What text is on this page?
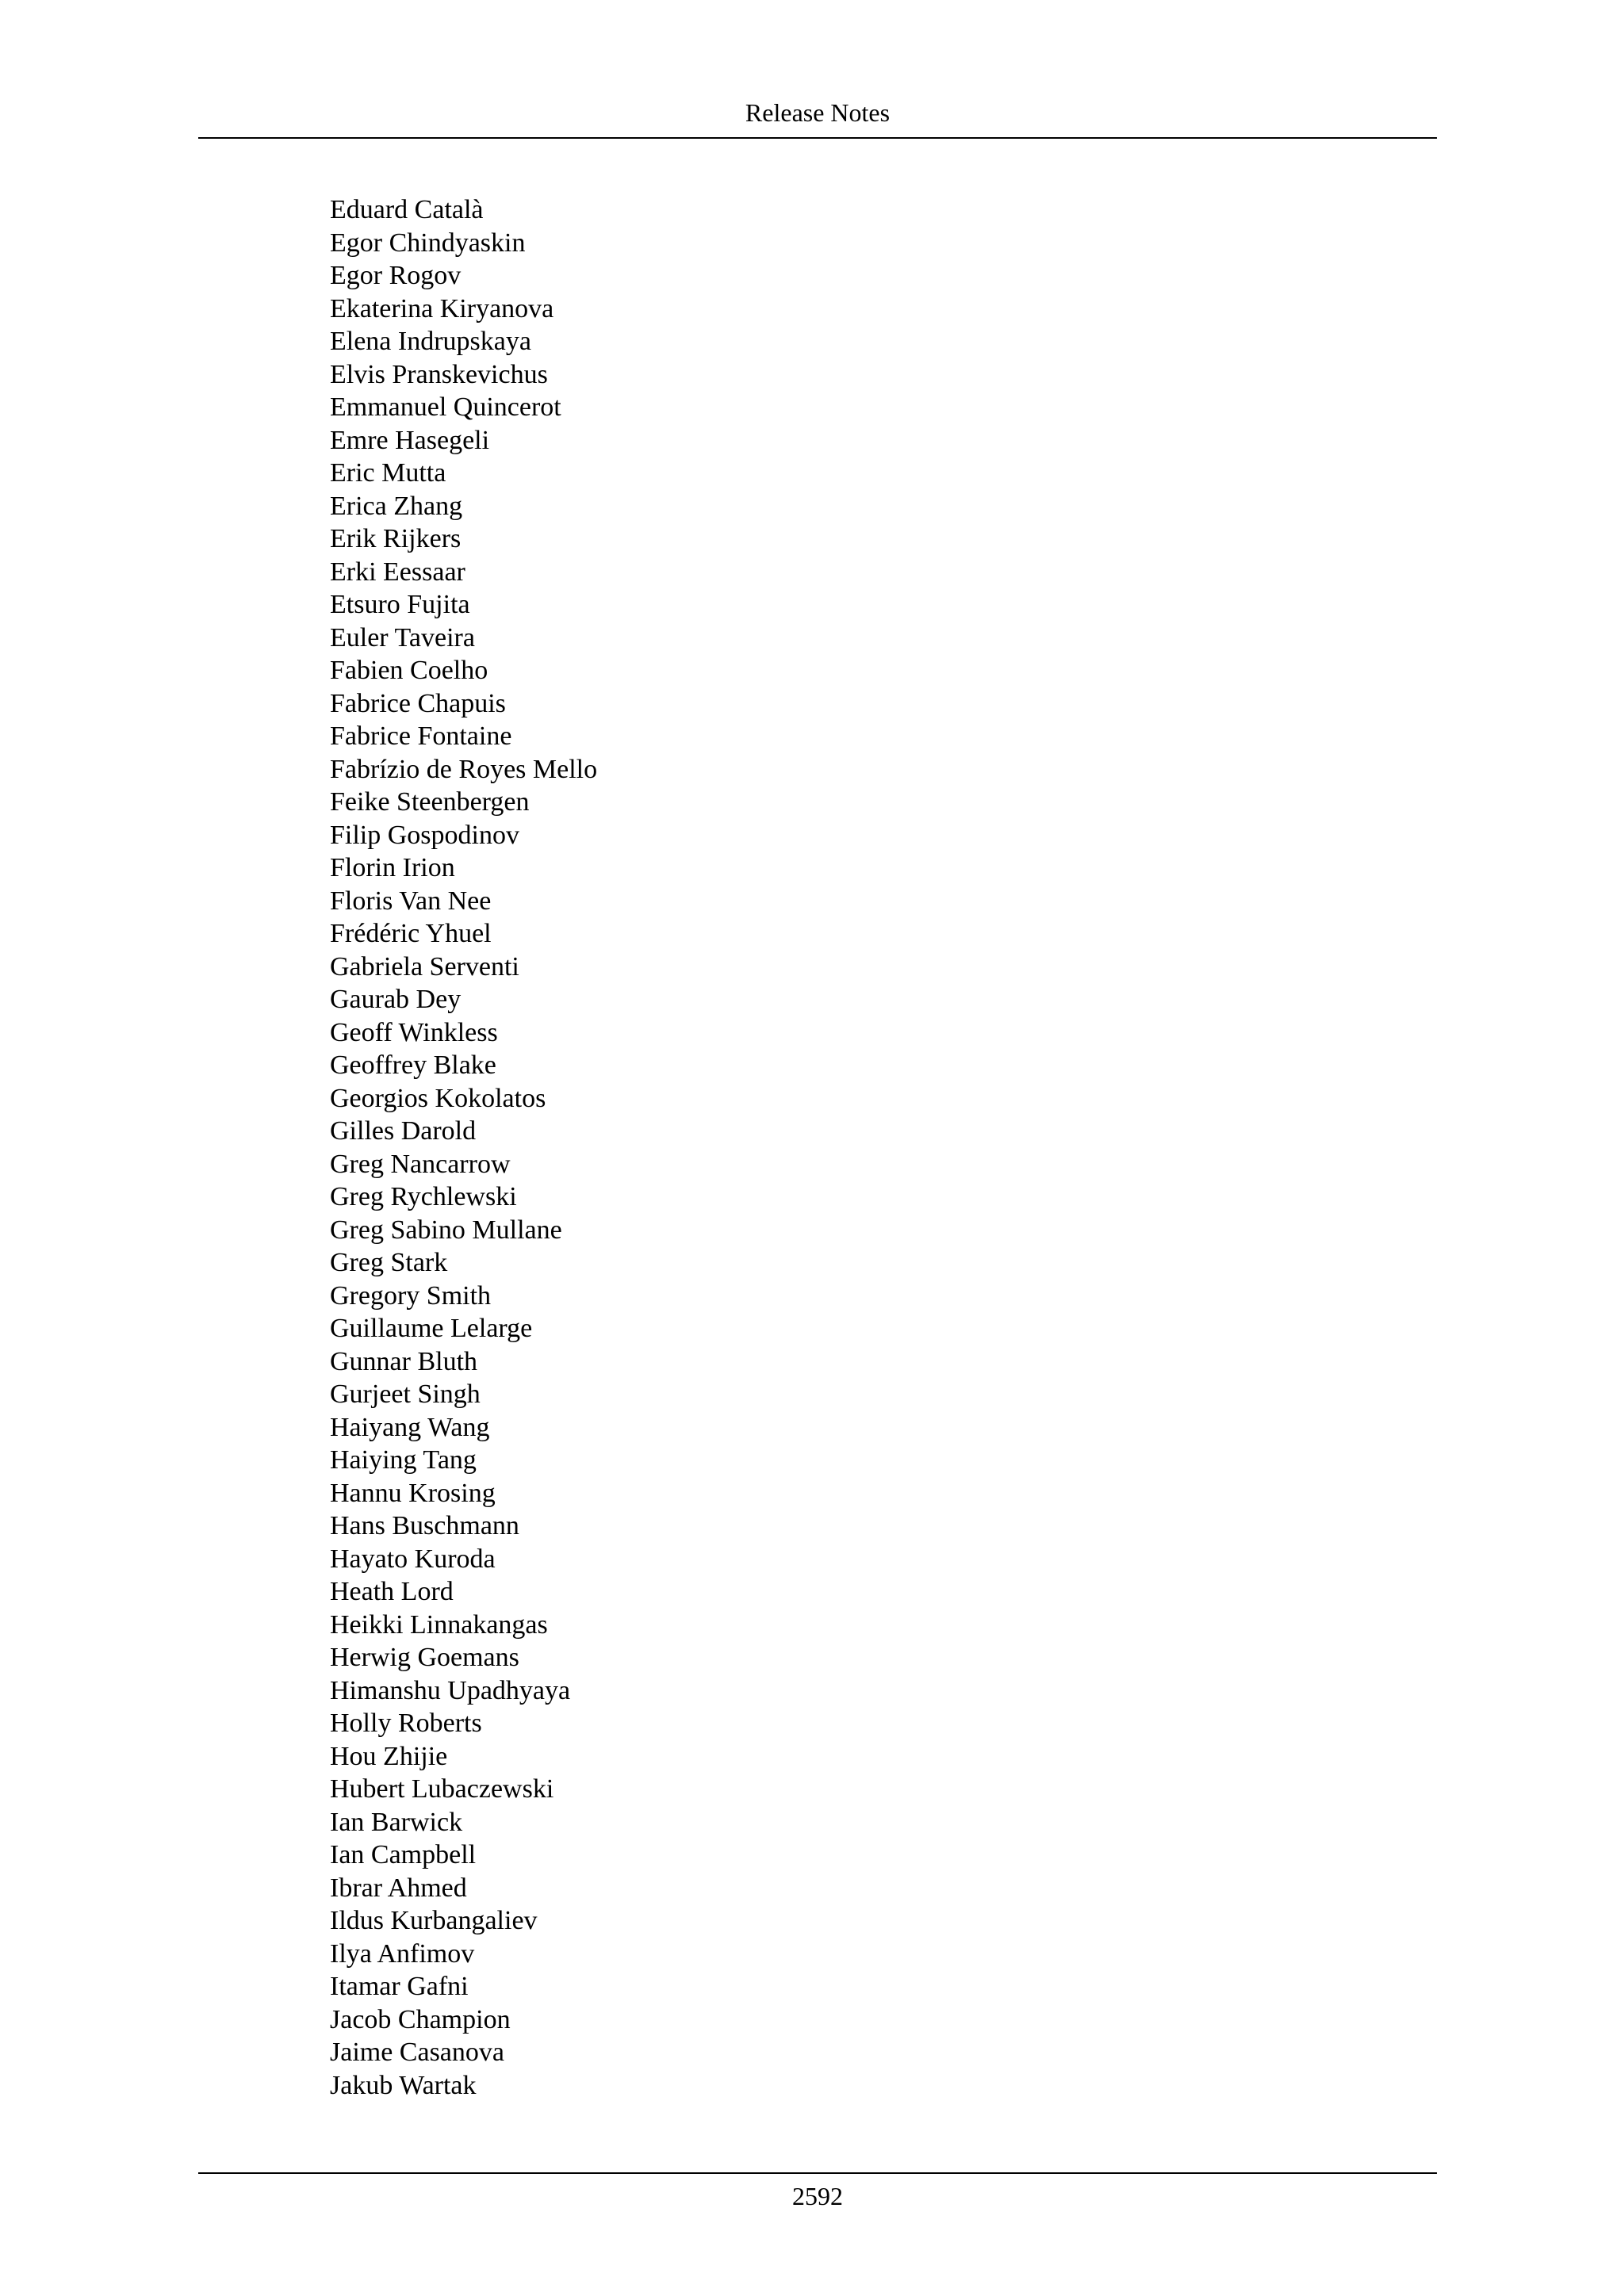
Release Notes
Eduard Català
Egor Chindyaskin
Egor Rogov
Ekaterina Kiryanova
Elena Indrupskaya
Elvis Pranskevichus
Emmanuel Quincerot
Emre Hasegeli
Eric Mutta
Erica Zhang
Erik Rijkers
Erki Eessaar
Etsuro Fujita
Euler Taveira
Fabien Coelho
Fabrice Chapuis
Fabrice Fontaine
Fabrízio de Royes Mello
Feike Steenbergen
Filip Gospodinov
Florin Irion
Floris Van Nee
Frédéric Yhuel
Gabriela Serventi
Gaurab Dey
Geoff Winkless
Geoffrey Blake
Georgios Kokolatos
Gilles Darold
Greg Nancarrow
Greg Rychlewski
Greg Sabino Mullane
Greg Stark
Gregory Smith
Guillaume Lelarge
Gunnar Bluth
Gurjeet Singh
Haiyang Wang
Haiying Tang
Hannu Krosing
Hans Buschmann
Hayato Kuroda
Heath Lord
Heikki Linnakangas
Herwig Goemans
Himanshu Upadhyaya
Holly Roberts
Hou Zhijie
Hubert Lubaczewski
Ian Barwick
Ian Campbell
Ibrar Ahmed
Ildus Kurbangaliev
Ilya Anfimov
Itamar Gafni
Jacob Champion
Jaime Casanova
Jakub Wartak
2592
